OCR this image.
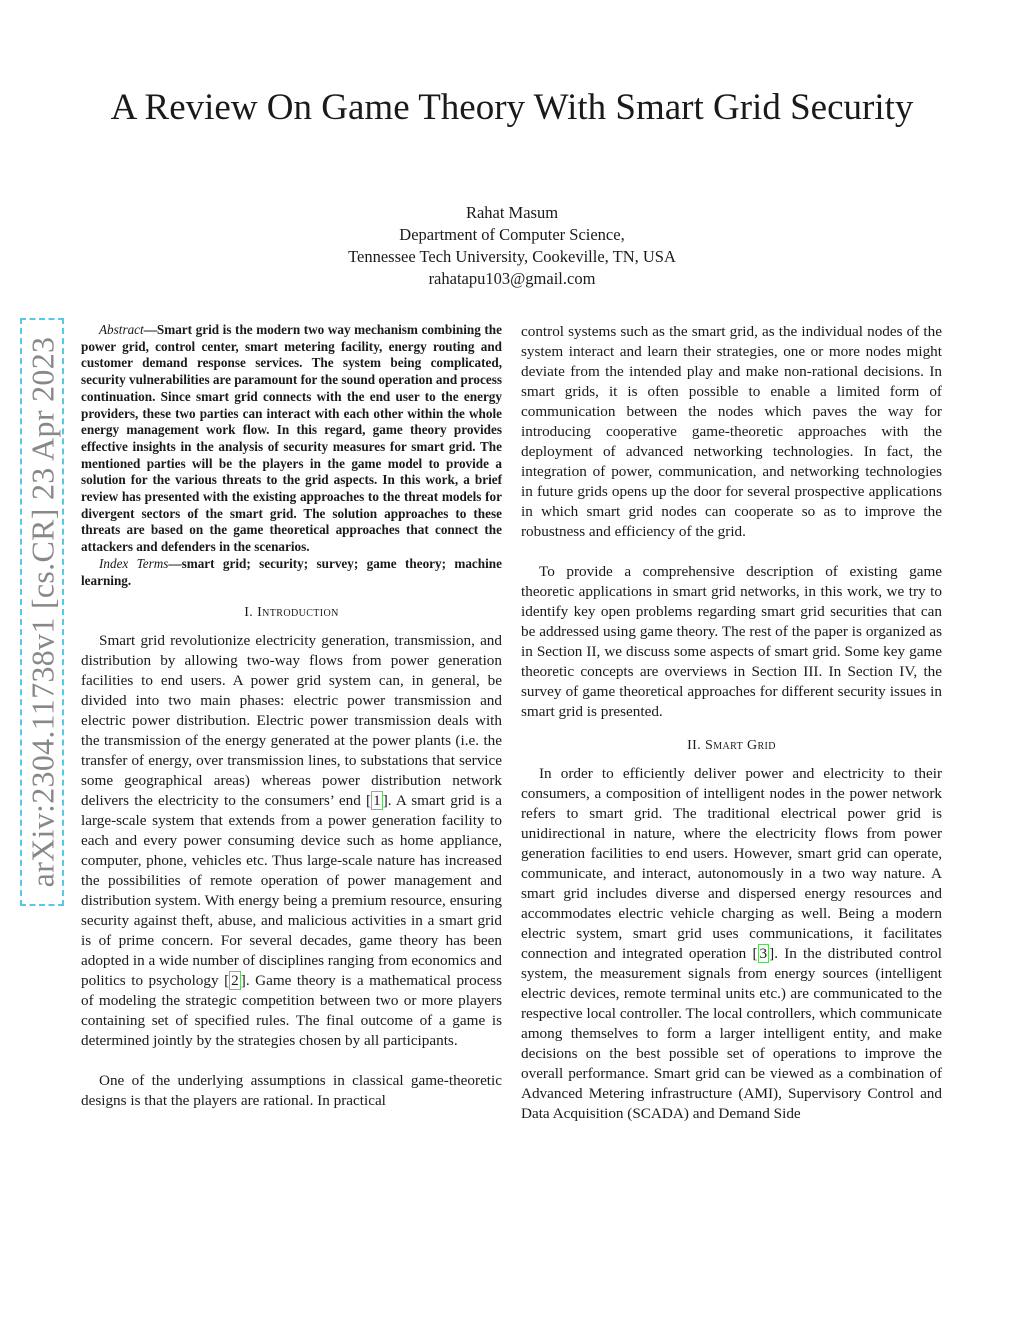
A Review On Game Theory With Smart Grid Security
Rahat Masum
Department of Computer Science,
Tennessee Tech University, Cookeville, TN, USA
rahatapu103@gmail.com
arXiv:2304.11738v1 [cs.CR] 23 Apr 2023

Abstract—Smart grid is the modern two way mechanism combining the power grid, control center, smart metering facility, energy routing and customer demand response services. The system being complicated, security vulnerabilities are paramount for the sound operation and process continuation. Since smart grid connects with the end user to the energy providers, these two parties can interact with each other within the whole energy management work flow. In this regard, game theory provides effective insights in the analysis of security measures for smart grid. The mentioned parties will be the players in the game model to provide a solution for the various threats to the grid aspects. In this work, a brief review has presented with the existing approaches to the threat models for divergent sectors of the smart grid. The solution approaches to these threats are based on the game theoretical approaches that connect the attackers and defenders in the scenarios.

Index Terms—smart grid; security; survey; game theory; machine learning.

I. Introduction

Smart grid revolutionize electricity generation, transmission, and distribution by allowing two-way flows from power generation facilities to end users. A power grid system can, in general, be divided into two main phases: electric power transmission and electric power distribution. Electric power transmission deals with the transmission of the energy generated at the power plants (i.e. the transfer of energy, over transmission lines, to substations that service some geographical areas) whereas power distribution network delivers the electricity to the consumers’ end [ 1 ]. A smart grid is a large-scale system that extends from a power generation facility to each and every power consuming device such as home appliance, computer, phone, vehicles etc. Thus large-scale nature has increased the possibilities of remote operation of power management and distribution system. With energy being a premium resource, ensuring security against theft, abuse, and malicious activities in a smart grid is of prime concern. For several decades, game theory has been adopted in a wide number of disciplines ranging from economics and politics to psychology [ 2 ]. Game theory is a mathematical process of modeling the strategic competition between two or more players containing set of specified rules. The final outcome of a game is determined jointly by the strategies chosen by all participants.

One of the underlying assumptions in classical game-theoretic designs is that the players are rational. In practical

control systems such as the smart grid, as the individual nodes of the system interact and learn their strategies, one or more nodes might deviate from the intended play and make non-rational decisions. In smart grids, it is often possible to enable a limited form of communication between the nodes which paves the way for introducing cooperative game-theoretic approaches with the deployment of advanced networking technologies. In fact, the integration of power, communication, and networking technologies in future grids opens up the door for several prospective applications in which smart grid nodes can cooperate so as to improve the robustness and efficiency of the grid.

To provide a comprehensive description of existing game theoretic applications in smart grid networks, in this work, we try to identify key open problems regarding smart grid securities that can be addressed using game theory. The rest of the paper is organized as in Section II, we discuss some aspects of smart grid. Some key game theoretic concepts are overviews in Section III. In Section IV, the survey of game theoretical approaches for different security issues in smart grid is presented.

II. Smart Grid

In order to efficiently deliver power and electricity to their consumers, a composition of intelligent nodes in the power network refers to smart grid. The traditional electrical power grid is unidirectional in nature, where the electricity flows from power generation facilities to end users. However, smart grid can operate, communicate, and interact, autonomously in a two way nature. A smart grid includes diverse and dispersed energy resources and accommodates electric vehicle charging as well. Being a modern electric system, smart grid uses communications, it facilitates connection and integrated operation [ 3 ]. In the distributed control system, the measurement signals from energy sources (intelligent electric devices, remote terminal units etc.) are communicated to the respective local controller. The local controllers, which communicate among themselves to form a larger intelligent entity, and make decisions on the best possible set of operations to improve the overall performance. Smart grid can be viewed as a combination of Advanced Metering infrastructure (AMI), Supervisory Control and Data Acquisition (SCADA) and Demand Side
